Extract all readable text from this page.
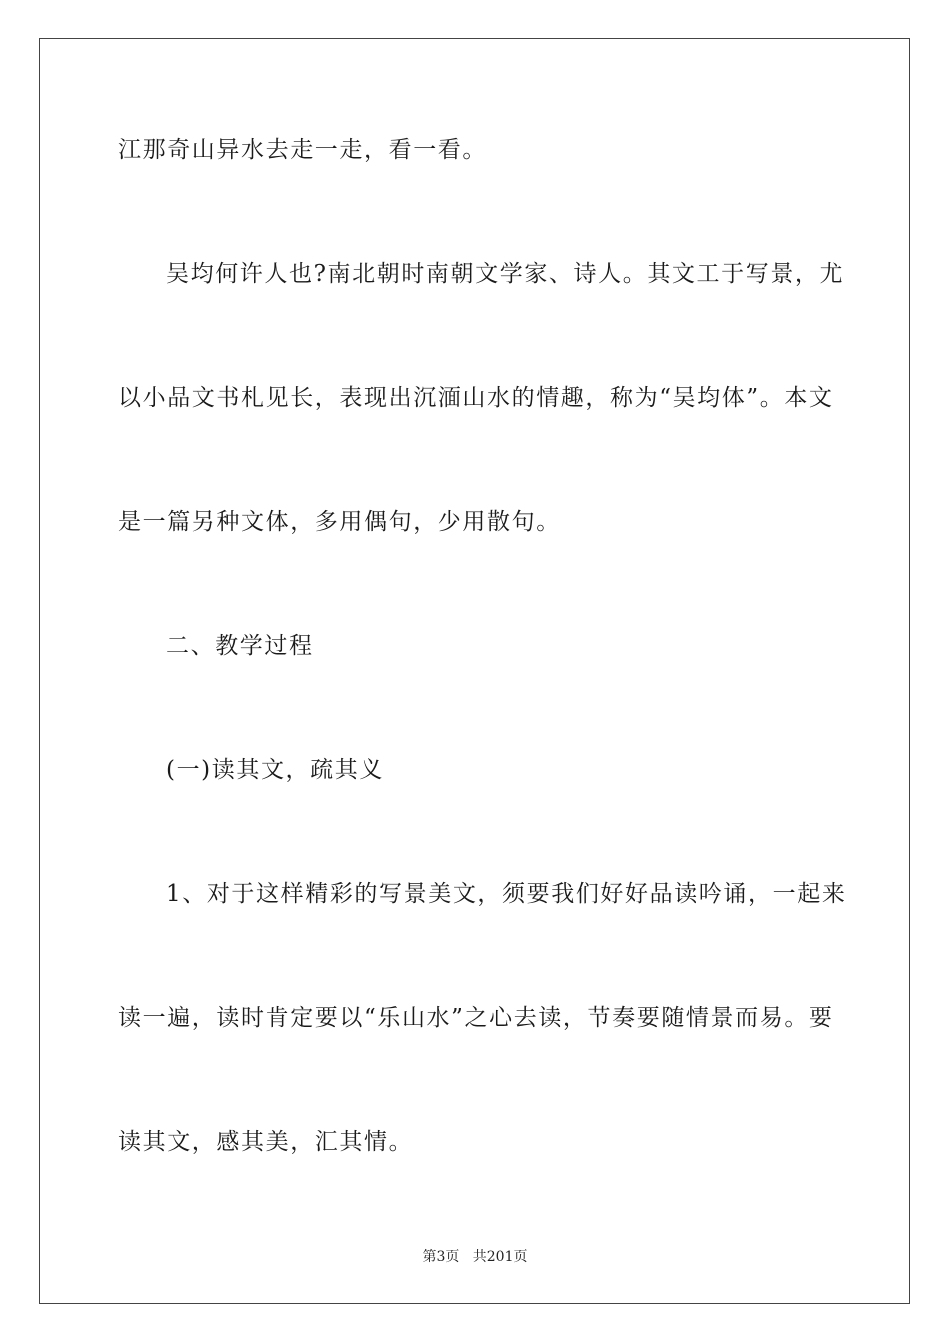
江那奇山异水去走一走，看一看。
吴均何许人也?南北朝时南朝文学家、诗人。其文工于写景，尤
以小品文书札见长，表现出沉湎山水的情趣，称为“吴均体”。本文
是一篇另种文体，多用偶句，少用散句。
二、教学过程
(一)读其文，疏其义
1、对于这样精彩的写景美文，须要我们好好品读吟诵，一起来
读一遍，读时肯定要以“乐山水”之心去读，节奏要随情景而易。要
读其文，感其美，汇其情。
第3页 共201页
